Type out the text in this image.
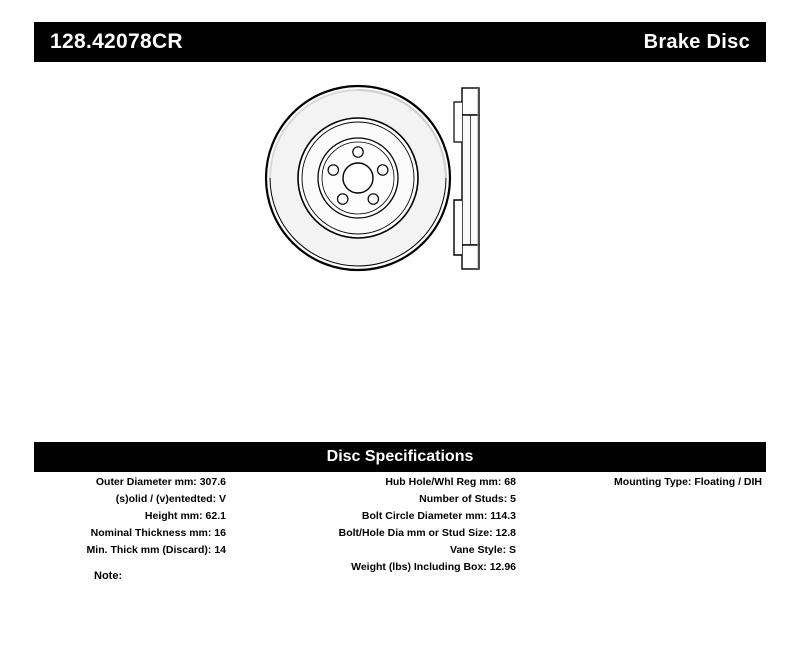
128.42078CR	Brake Disc
Disc Specifications
Outer Diameter mm: 307.6
(s)olid / (v)entedted: V
Height mm: 62.1
Nominal Thickness mm: 16
Min. Thick mm (Discard): 14
Hub Hole/Whl Reg mm: 68
Number of Studs: 5
Bolt Circle Diameter mm: 114.3
Bolt/Hole Dia mm or Stud Size: 12.8
Vane Style: S
Weight (lbs) Including Box: 12.96
Mounting Type: Floating / DIH
Note:
